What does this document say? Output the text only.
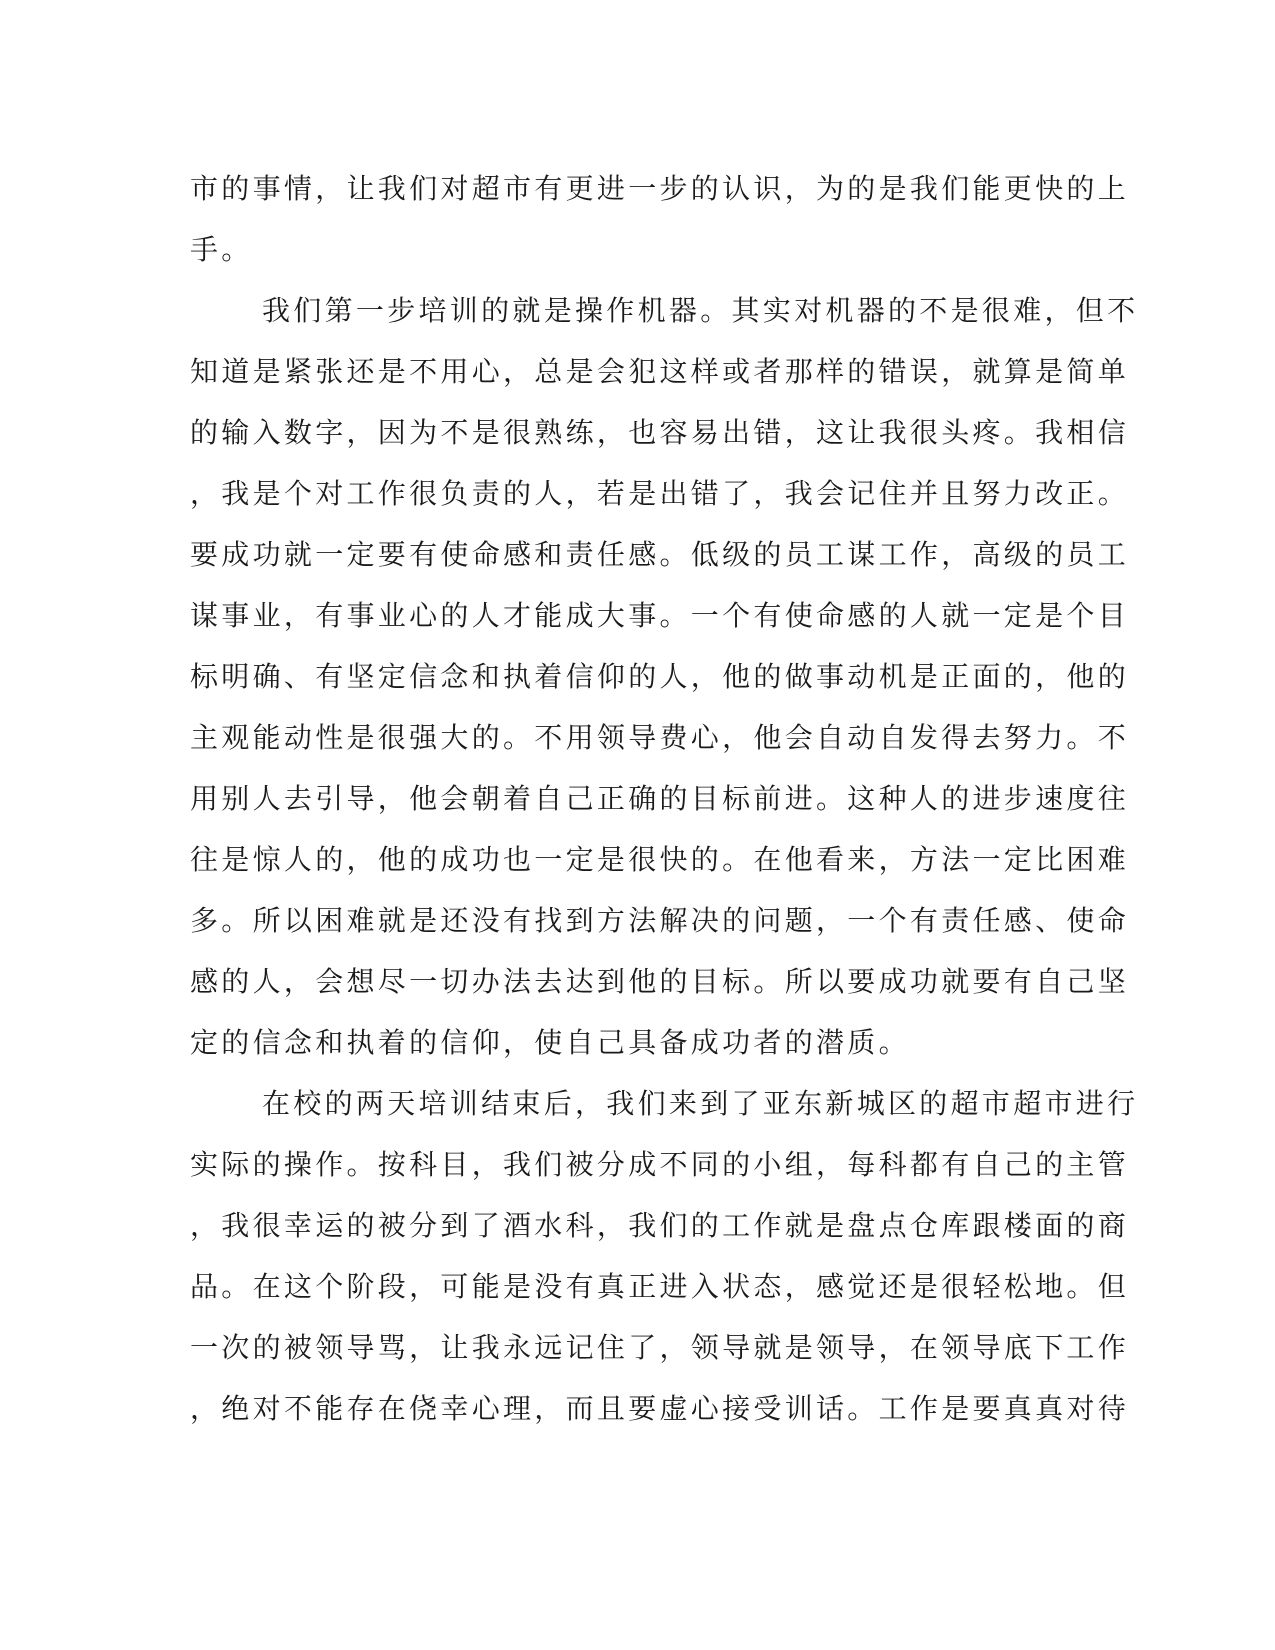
市的事情，让我们对超市有更进一步的认识，为的是我们能更快的上
手。
我们第一步培训的就是操作机器。其实对机器的不是很难，但不
知道是紧张还是不用心，总是会犯这样或者那样的错误，就算是简单
的输入数字，因为不是很熟练，也容易出错，这让我很头疼。我相信
，我是个对工作很负责的人，若是出错了，我会记住并且努力改正。
要成功就一定要有使命感和责任感。低级的员工谋工作，高级的员工
谋事业，有事业心的人才能成大事。一个有使命感的人就一定是个目
标明确、有坚定信念和执着信仰的人，他的做事动机是正面的，他的
主观能动性是很强大的。不用领导费心，他会自动自发得去努力。不
用别人去引导，他会朝着自己正确的目标前进。这种人的进步速度往
往是惊人的，他的成功也一定是很快的。在他看来，方法一定比困难
多。所以困难就是还没有找到方法解决的问题，一个有责任感、使命
感的人，会想尽一切办法去达到他的目标。所以要成功就要有自己坚
定的信念和执着的信仰，使自己具备成功者的潜质。
在校的两天培训结束后，我们来到了亚东新城区的超市超市进行
实际的操作。按科目，我们被分成不同的小组，每科都有自己的主管
，我很幸运的被分到了酒水科，我们的工作就是盘点仓库跟楼面的商
品。在这个阶段，可能是没有真正进入状态，感觉还是很轻松地。但
一次的被领导骂，让我永远记住了，领导就是领导，在领导底下工作
，绝对不能存在侥幸心理，而且要虚心接受训话。工作是要真真对待
